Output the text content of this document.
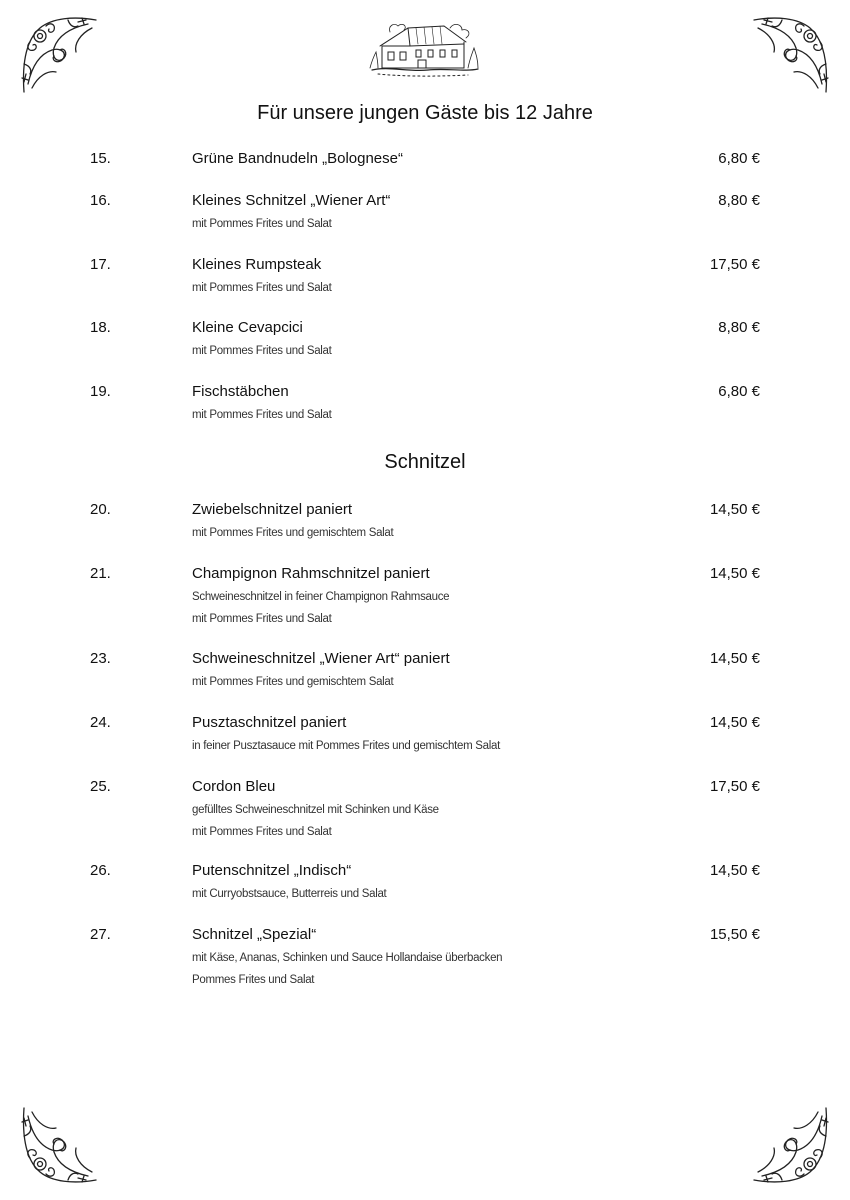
Für unsere jungen Gäste bis 12 Jahre
15.	Grüne Bandnudeln „Bolognese“	6,80 €
16.	Kleines Schnitzel „Wiener Art“	8,80 €
mit Pommes Frites und Salat
17.	Kleines Rumpsteak	17,50 €
mit Pommes Frites und Salat
18.	Kleine Cevapcici	8,80 €
mit Pommes Frites und Salat
19.	Fischstäbchen	6,80 €
mit Pommes Frites und Salat
Schnitzel
20.	Zwiebelschnitzel paniert	14,50 €
mit Pommes Frites und gemischtem Salat
21.	Champignon Rahmschnitzel paniert	14,50 €
Schweineschnitzel in feiner Champignon Rahmsauce
mit Pommes Frites und Salat
23.	Schweineschnitzel „Wiener Art“ paniert	14,50 €
mit Pommes Frites und gemischtem Salat
24.	Pusztaschnitzel paniert	14,50 €
in feiner Pusztasauce mit Pommes Frites und gemischtem Salat
25.	Cordon Bleu	17,50 €
gefülltes Schweineschnitzel mit Schinken und Käse
mit Pommes Frites und Salat
26.	Putenschnitzel „Indisch“	14,50 €
mit Curryobstsauce, Butterreis und Salat
27.	Schnitzel „Spezial“	15,50 €
mit Käse, Ananas, Schinken und Sauce Hollandaise überbacken
Pommes Frites und Salat
